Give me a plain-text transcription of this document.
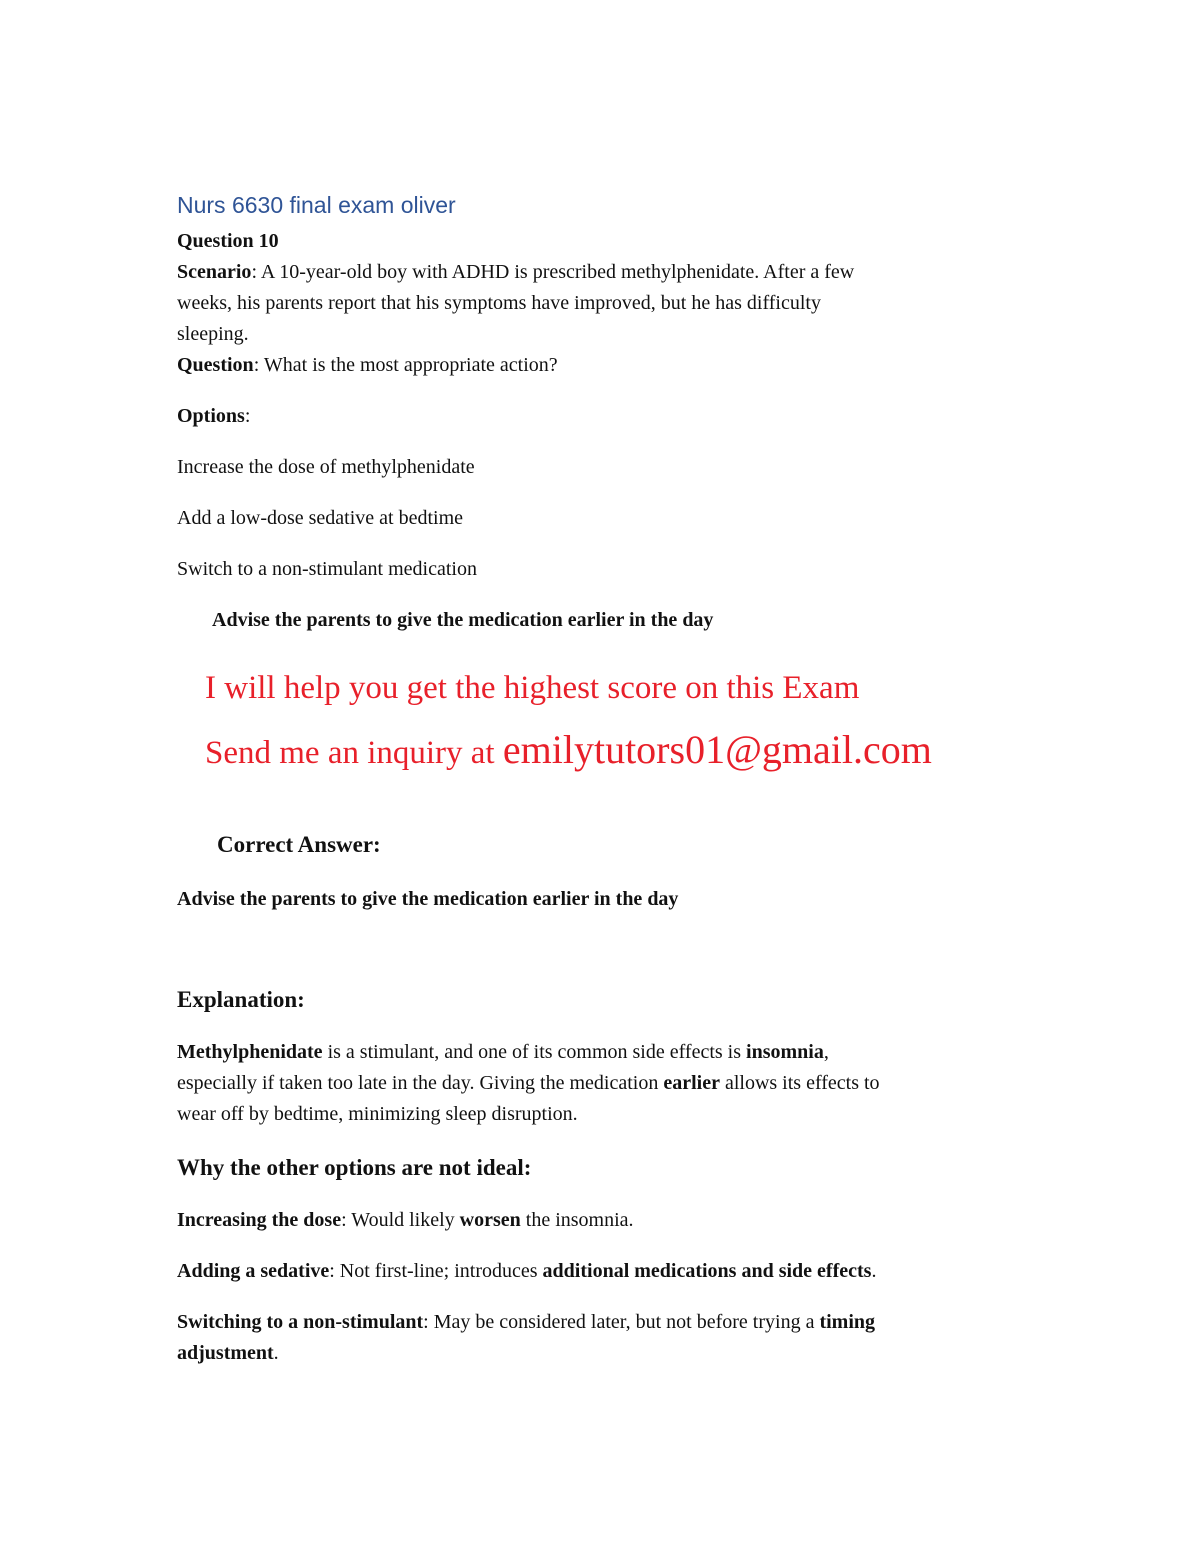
Nurs 6630 final exam oliver

Question 10

Scenario: A 10-year-old boy with ADHD is prescribed methylphenidate. After a few

weeks, his parents report that his symptoms have improved, but he has difficulty

sleeping.

Question: What is the most appropriate action?

Options:
Increase the dose of methylphenidate
Add a low-dose sedative at bedtime
Switch to a non-stimulant medication
Advise the parents to give the medication earlier in the day
I will help you get the highest score on this Exam
Send me an inquiry at emilytutors01@gmail.com
Correct Answer:
Advise the parents to give the medication earlier in the day
Explanation:

Methylphenidate is a stimulant, and one of its common side effects is insomnia,

especially if taken too late in the day. Giving the medication earlier allows its effects to

wear off by bedtime, minimizing sleep disruption.

Why the other options are not ideal:
Increasing the dose: Would likely worsen the insomnia.
Adding a sedative: Not first-line; introduces additional medications and side effects.

Switching to a non-stimulant: May be considered later, but not before trying a timing

adjustment.
